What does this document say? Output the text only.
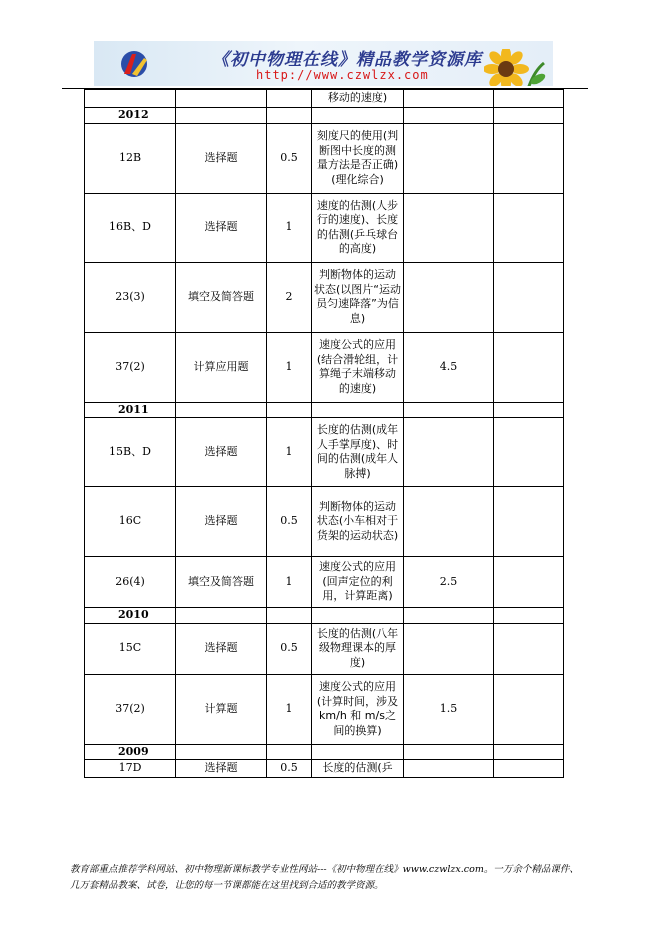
《初中物理在线》精品教学资源库
http://www.czwlzx.com
			移动的速度)		
2012					
12B	选择题	0.5	刻度尺的使用(判断图中长度的测量方法是否正确)(理化综合)		
16B、D	选择题	1	速度的估测(人步行的速度)、长度的估测(乒乓球台的高度)		
23(3)	填空及简答题	2	判断物体的运动状态(以图片“运动员匀速降落”为信息)		
37(2)	计算应用题	1	速度公式的应用(结合滑轮组，计算绳子末端移动的速度)	4.5	
2011					
15B、D	选择题	1	长度的估测(成年人手掌厚度)、时间的估测(成年人脉搏)		
16C	选择题	0.5	判断物体的运动状态(小车相对于货架的运动状态)		
26(4)	填空及简答题	1	速度公式的应用(回声定位的利用，计算距离)	2.5	
2010					
15C	选择题	0.5	长度的估测(八年级物理课本的厚度)		
37(2)	计算题	1	速度公式的应用(计算时间，涉及 km/h 和 m/s之间的换算)	1.5	
2009					
17D	选择题	0.5	长度的估测(乒		
教育部重点推荐学科网站、初中物理新课标教学专业性网站---《初中物理在线》www.czwlzx.com。一万余个精品课件、
几万套精品教案、试卷，让您的每一节课都能在这里找到合适的教学资源。
